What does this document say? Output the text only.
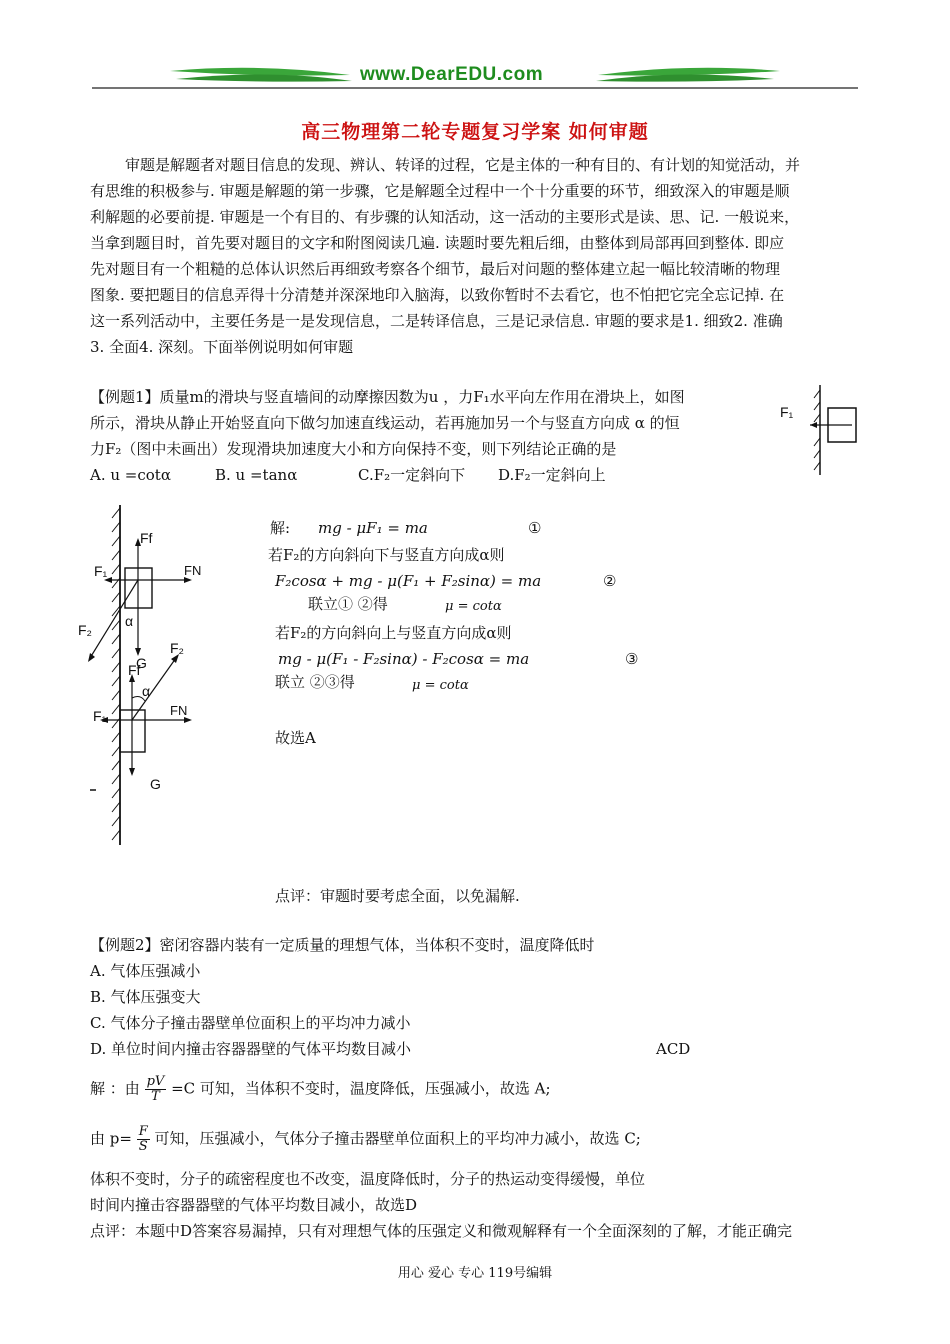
www.DearEDU.com
高三物理第二轮专题复习学案 如何审题
审题是解题者对题目信息的发现、辨认、转译的过程，它是主体的一种有目的、有计划的知觉活动，并
有思维的积极参与. 审题是解题的第一步骤，它是解题全过程中一个十分重要的环节，细致深入的审题是顺
利解题的必要前提. 审题是一个有目的、有步骤的认知活动，这一活动的主要形式是读、思、记. 一般说来，
当拿到题目时，首先要对题目的文字和附图阅读几遍. 读题时要先粗后细，由整体到局部再回到整体. 即应
先对题目有一个粗糙的总体认识然后再细致考察各个细节，最后对问题的整体建立起一幅比较清晰的物理
图象. 要把题目的信息弄得十分清楚并深深地印入脑海，以致你暂时不去看它，也不怕把它完全忘记掉. 在
这一系列活动中，主要任务是一是发现信息，二是转译信息，三是记录信息. 审题的要求是1. 细致2. 准确
3. 全面4. 深刻。下面举例说明如何审题
【例题1】质量m的滑块与竖直墙间的动摩擦因数为u ，力F₁水平向左作用在滑块上，如图
所示，滑块从静止开始竖直向下做匀加速直线运动，若再施加另一个与竖直方向成 α 的恒
力F₂（图中未画出）发现滑块加速度大小和方向保持不变，则下列结论正确的是
A. u =cotα	B. u =tanα	C.F₂一定斜向下 D.F₂一定斜向上
F₁
Ff
F₁	FN
F₂
α
G
Ff
F₂
α
F₁	FN
G
解: mg - μF₁ = ma	①
若F₂的方向斜向下与竖直方向成α则
F₂cosα + mg - μ(F₁ + F₂sinα) = ma	②
联立① ②得	μ = cotα
若F₂的方向斜向上与竖直方向成α则
mg - μ(F₁ - F₂sinα) - F₂cosα = ma	③
联立 ②③得	μ = cotα
故选A
点评：审题时要考虑全面，以免漏解.
【例题2】密闭容器内装有一定质量的理想气体，当体积不变时，温度降低时
A. 气体压强减小
B. 气体压强变大
C. 气体分子撞击器壁单位面积上的平均冲力减小
D. 单位时间内撞击容器器壁的气体平均数目减小	ACD
解 ：由 $\frac{pV}{T} =C$ 可知，当体积不变时，温度降低，压强减小，故选 A;
由 $p= \frac{F}{S}$ 可知，压强减小，气体分子撞击器壁单位面积上的平均冲力减小，故选 C;
体积不变时，分子的疏密程度也不改变，温度降低时，分子的热运动变得缓慢，单位
时间内撞击容器器壁的气体平均数目减小，故选D
点评：本题中D答案容易漏掉，只有对理想气体的压强定义和微观解释有一个全面深刻的了解，才能正确完
用心 爱心 专心 119号编辑
